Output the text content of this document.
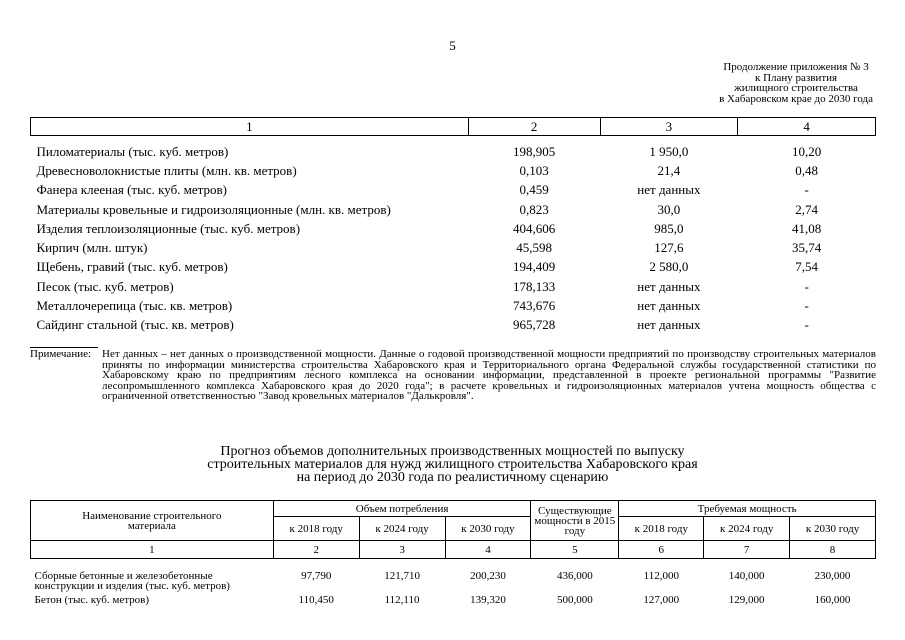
5
Продолжение приложения № 3
к Плану развития
жилищного строительства
в Хабаровском крае до 2030 года
1	2	3	4

Пиломатериалы (тыс. куб. метров)	198,905	1 950,0	10,20
Древесноволокнистые плиты (млн. кв. метров)	0,103	21,4	0,48
Фанера клееная (тыс. куб. метров)	0,459	нет данных	-
Материалы кровельные и гидроизоляционные (млн. кв. метров)	0,823	30,0	2,74
Изделия теплоизоляционные (тыс. куб. метров)	404,606	985,0	41,08
Кирпич (млн. штук)	45,598	127,6	35,74
Щебень, гравий (тыс. куб. метров)	194,409	2 580,0	7,54
Песок (тыс. куб. метров)	178,133	нет данных	-
Металлочерепица (тыс. кв. метров)	743,676	нет данных	-
Сайдинг стальной (тыс. кв. метров)	965,728	нет данных	-
Примечание: Нет данных – нет данных о производственной мощности. Данные о годовой производственной мощности предприятий по производству строительных материалов приняты по информации министерства строительства Хабаровского края и Территориального органа Федеральной службы государственной статистики по Хабаровскому краю по предприятиям лесного комплекса на основании информации, представленной в проекте региональной программы "Развитие лесопромышленного комплекса Хабаровского края до 2020 года"; в расчете кровельных и гидроизоляционных материалов учтена мощность общества с ограниченной ответственностью "Завод кровельных материалов "Далькровля".
Прогноз объемов дополнительных производственных мощностей по выпуску
строительных материалов для нужд жилищного строительства Хабаровского края
на период до 2030 года по реалистичному сценарию
Наименование строительного материала	Объем потребления			Существующие мощности в 2015 году	Требуемая мощность		
	к 2018 году	к 2024 году	к 2030 году		к 2018 году	к 2024 году	к 2030 году
1	2	3	4	5	6	7	8

Сборные бетонные и железобетонные конструкции и изделия (тыс. куб. метров)	97,790	121,710	200,230	436,000	112,000	140,000	230,000
Бетон (тыс. куб. метров)	110,450	112,110	139,320	500,000	127,000	129,000	160,000
